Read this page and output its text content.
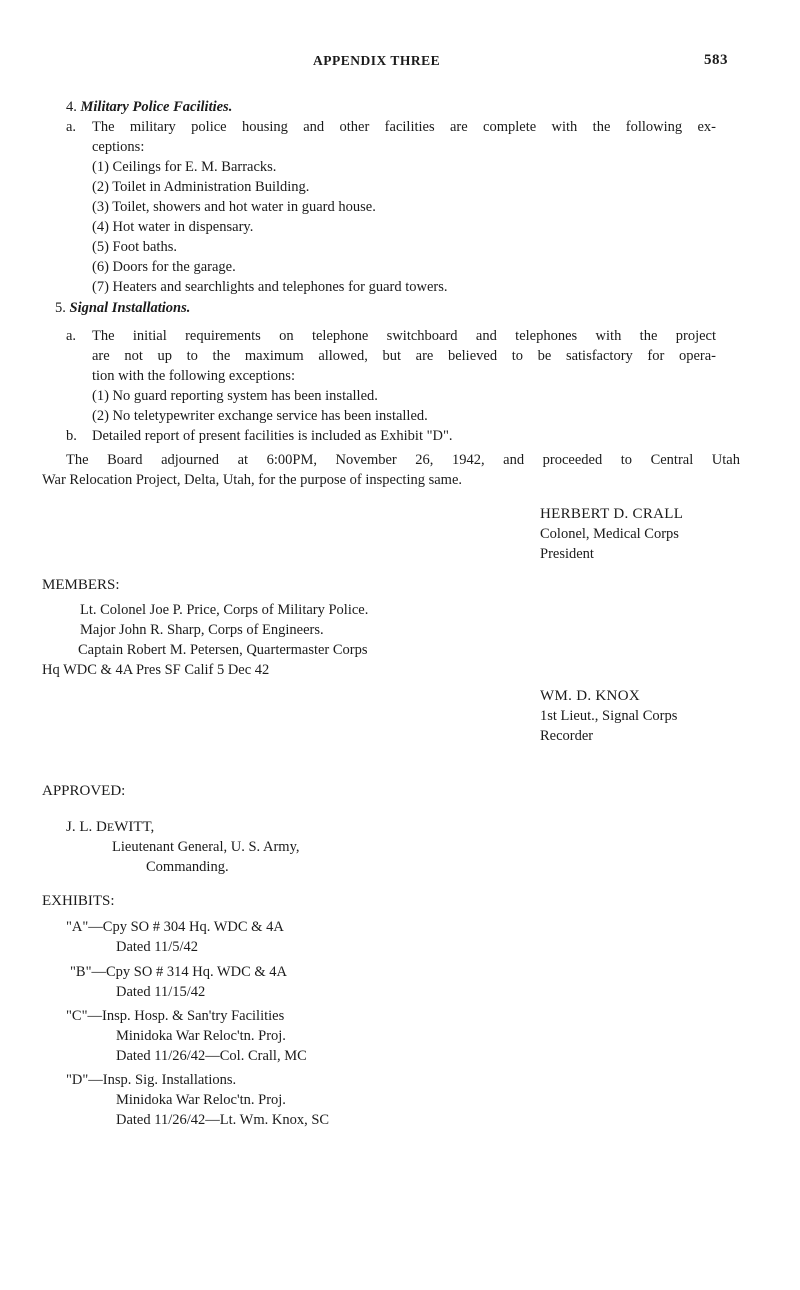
APPENDIX THREE	583
4. Military Police Facilities.
a. The military police housing and other facilities are complete with the following ex-
ceptions:
(1) Ceilings for E. M. Barracks.
(2) Toilet in Administration Building.
(3) Toilet, showers and hot water in guard house.
(4) Hot water in dispensary.
(5) Foot baths.
(6) Doors for the garage.
(7) Heaters and searchlights and telephones for guard towers.
5. Signal Installations.
a. The initial requirements on telephone switchboard and telephones with the project
are not up to the maximum allowed, but are believed to be satisfactory for opera-
tion with the following exceptions:
(1) No guard reporting system has been installed.
(2) No teletypewriter exchange service has been installed.
b. Detailed report of present facilities is included as Exhibit "D".
The Board adjourned at 6:00PM, November 26, 1942, and proceeded to Central Utah
War Relocation Project, Delta, Utah, for the purpose of inspecting same.
HERBERT D. CRALL
Colonel, Medical Corps
President
MEMBERS:
Lt. Colonel Joe P. Price, Corps of Military Police.
Major John R. Sharp, Corps of Engineers.
Captain Robert M. Petersen, Quartermaster Corps
Hq WDC & 4A Pres SF Calif 5 Dec 42
WM. D. KNOX
1st Lieut., Signal Corps
Recorder
APPROVED:
J. L. DEWITT,
Lieutenant General, U. S. Army,
Commanding.
EXHIBITS:
"A"—Cpy SO # 304 Hq. WDC & 4A
Dated 11/5/42
"B"—Cpy SO # 314 Hq. WDC & 4A
Dated 11/15/42
"C"—Insp. Hosp. & San'try Facilities
Minidoka War Reloc'tn. Proj.
Dated 11/26/42—Col. Crall, MC
"D"—Insp. Sig. Installations.
Minidoka War Reloc'tn. Proj.
Dated 11/26/42—Lt. Wm. Knox, SC
